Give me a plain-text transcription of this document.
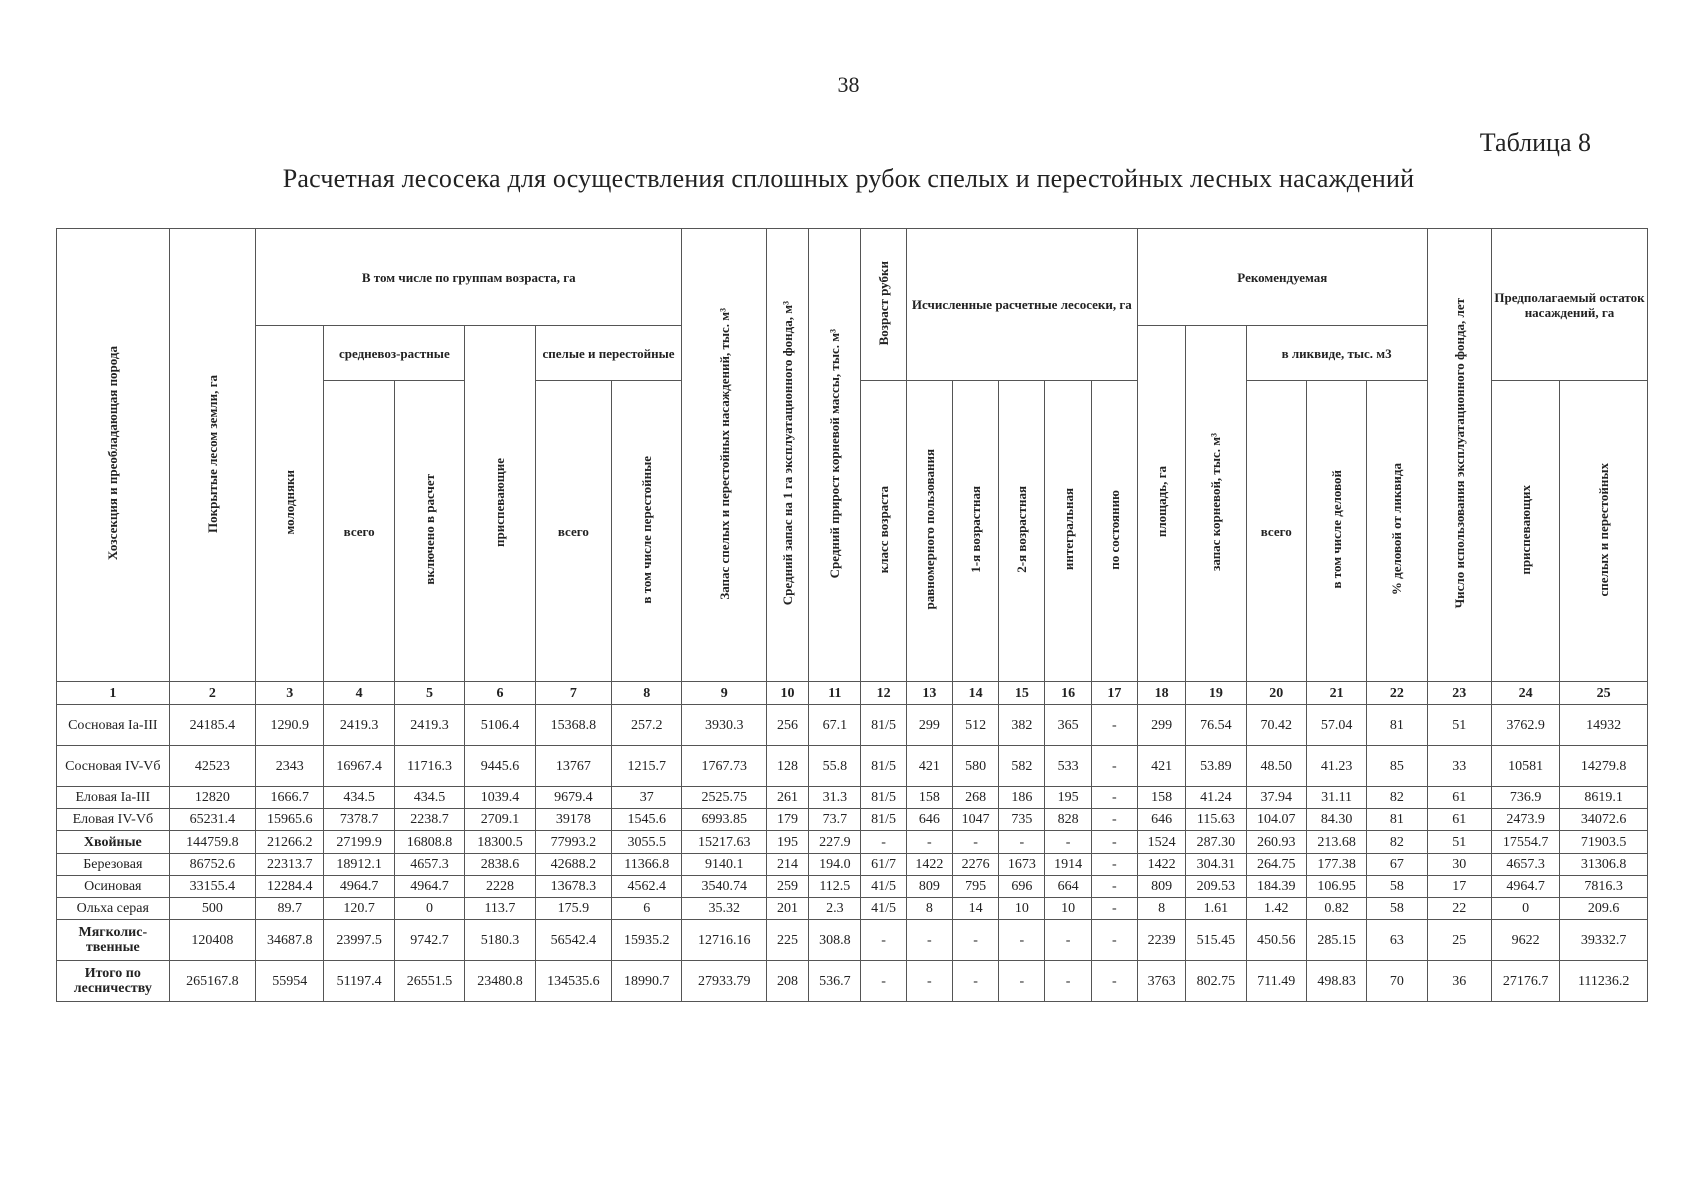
38
Таблица 8
Расчетная лесосека для осуществления сплошных рубок спелых и перестойных лесных насаждений
Хозсекция и преобладающая порода	Покрытые лесом земли, га	В том числе по группам возраста, га						Запас спелых и перестойных насаждений, тыс. м³	Средний запас на 1 га эксплуатационного фонда, м³	Средний прирост корневой массы, тыс. м³	Возраст рубки	Исчисленные расчетные лесосеки, га					Рекомендуемая					Число использования эксплуатационного фонда, лет	Предполагаемый остаток насаждений, га	
		молодняки	средневоз-растные		приспевающие	спелые и перестойные											площадь, га	запас корневой, тыс. м³	в ликвиде, тыс. м3					
			всего	включено в расчет		всего	в том числе перестойные				класс возраста	равномерного пользования	1-я возрастная	2-я возрастная	интегральная	по состоянию			всего	в том числе деловой	% деловой от ликвида		приспевающих	спелых и перестойных
1	2	3	4	5	6	7	8	9	10	11	12	13	14	15	16	17	18	19	20	21	22	23	24	25
Сосновая Ia-III	24185.4	1290.9	2419.3	2419.3	5106.4	15368.8	257.2	3930.3	256	67.1	81/5	299	512	382	365	-	299	76.54	70.42	57.04	81	51	3762.9	14932
Сосновая IV-Vб	42523	2343	16967.4	11716.3	9445.6	13767	1215.7	1767.73	128	55.8	81/5	421	580	582	533	-	421	53.89	48.50	41.23	85	33	10581	14279.8
Еловая Ia-III	12820	1666.7	434.5	434.5	1039.4	9679.4	37	2525.75	261	31.3	81/5	158	268	186	195	-	158	41.24	37.94	31.11	82	61	736.9	8619.1
Еловая IV-Vб	65231.4	15965.6	7378.7	2238.7	2709.1	39178	1545.6	6993.85	179	73.7	81/5	646	1047	735	828	-	646	115.63	104.07	84.30	81	61	2473.9	34072.6
Хвойные	144759.8	21266.2	27199.9	16808.8	18300.5	77993.2	3055.5	15217.63	195	227.9	-	-	-	-	-	-	1524	287.30	260.93	213.68	82	51	17554.7	71903.5
Березовая	86752.6	22313.7	18912.1	4657.3	2838.6	42688.2	11366.8	9140.1	214	194.0	61/7	1422	2276	1673	1914	-	1422	304.31	264.75	177.38	67	30	4657.3	31306.8
Осиновая	33155.4	12284.4	4964.7	4964.7	2228	13678.3	4562.4	3540.74	259	112.5	41/5	809	795	696	664	-	809	209.53	184.39	106.95	58	17	4964.7	7816.3
Ольха серая	500	89.7	120.7	0	113.7	175.9	6	35.32	201	2.3	41/5	8	14	10	10	-	8	1.61	1.42	0.82	58	22	0	209.6
Мягколис-твенные	120408	34687.8	23997.5	9742.7	5180.3	56542.4	15935.2	12716.16	225	308.8	-	-	-	-	-	-	2239	515.45	450.56	285.15	63	25	9622	39332.7
Итого по лесничеству	265167.8	55954	51197.4	26551.5	23480.8	134535.6	18990.7	27933.79	208	536.7	-	-	-	-	-	-	3763	802.75	711.49	498.83	70	36	27176.7	111236.2
